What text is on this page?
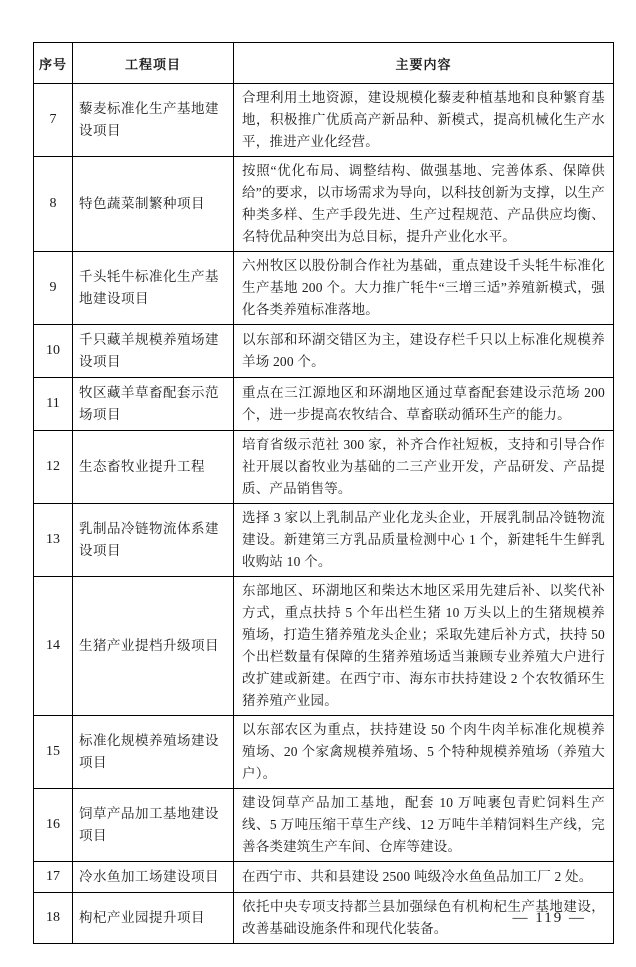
序号	工程项目	主要内容
7	藜麦标准化生产基地建设项目	合理利用土地资源，建设规模化藜麦种植基地和良种繁育基地，积极推广优质高产新品种、新模式，提高机械化生产水平，推进产业化经营。
8	特色蔬菜制繁种项目	按照“优化布局、调整结构、做强基地、完善体系、保障供给”的要求，以市场需求为导向，以科技创新为支撑，以生产种类多样、生产手段先进、生产过程规范、产品供应均衡、名特优品种突出为总目标，提升产业化水平。
9	千头牦牛标准化生产基地建设项目	六州牧区以股份制合作社为基础，重点建设千头牦牛标准化生产基地 200 个。大力推广牦牛“三增三适”养殖新模式，强化各类养殖标准落地。
10	千只藏羊规模养殖场建设项目	以东部和环湖交错区为主，建设存栏千只以上标准化规模养羊场 200 个。
11	牧区藏羊草畜配套示范场项目	重点在三江源地区和环湖地区通过草畜配套建设示范场 200 个，进一步提高农牧结合、草畜联动循环生产的能力。
12	生态畜牧业提升工程	培育省级示范社 300 家，补齐合作社短板，支持和引导合作社开展以畜牧业为基础的二三产业开发，产品研发、产品提质、产品销售等。
13	乳制品冷链物流体系建设项目	选择 3 家以上乳制品产业化龙头企业，开展乳制品冷链物流建设。新建第三方乳品质量检测中心 1 个，新建牦牛生鲜乳收购站 10 个。
14	生猪产业提档升级项目	东部地区、环湖地区和柴达木地区采用先建后补、以奖代补方式，重点扶持 5 个年出栏生猪 10 万头以上的生猪规模养殖场，打造生猪养殖龙头企业；采取先建后补方式，扶持 50 个出栏数量有保障的生猪养殖场适当兼顾专业养殖大户进行改扩建或新建。在西宁市、海东市扶持建设 2 个农牧循环生猪养殖产业园。
15	标准化规模养殖场建设项目	以东部农区为重点，扶持建设 50 个肉牛肉羊标准化规模养殖场、20 个家禽规模养殖场、5 个特种规模养殖场（养殖大户）。
16	饲草产品加工基地建设项目	建设饲草产品加工基地，配套 10 万吨裹包青贮饲料生产线、5 万吨压缩干草生产线、12 万吨牛羊精饲料生产线，完善各类建筑生产车间、仓库等建设。
17	冷水鱼加工场建设项目	在西宁市、共和县建设 2500 吨级冷水鱼鱼品加工厂 2 处。
18	枸杞产业园提升项目	依托中央专项支持都兰县加强绿色有机枸杞生产基地建设，改善基础设施条件和现代化装备。
— 119 —
